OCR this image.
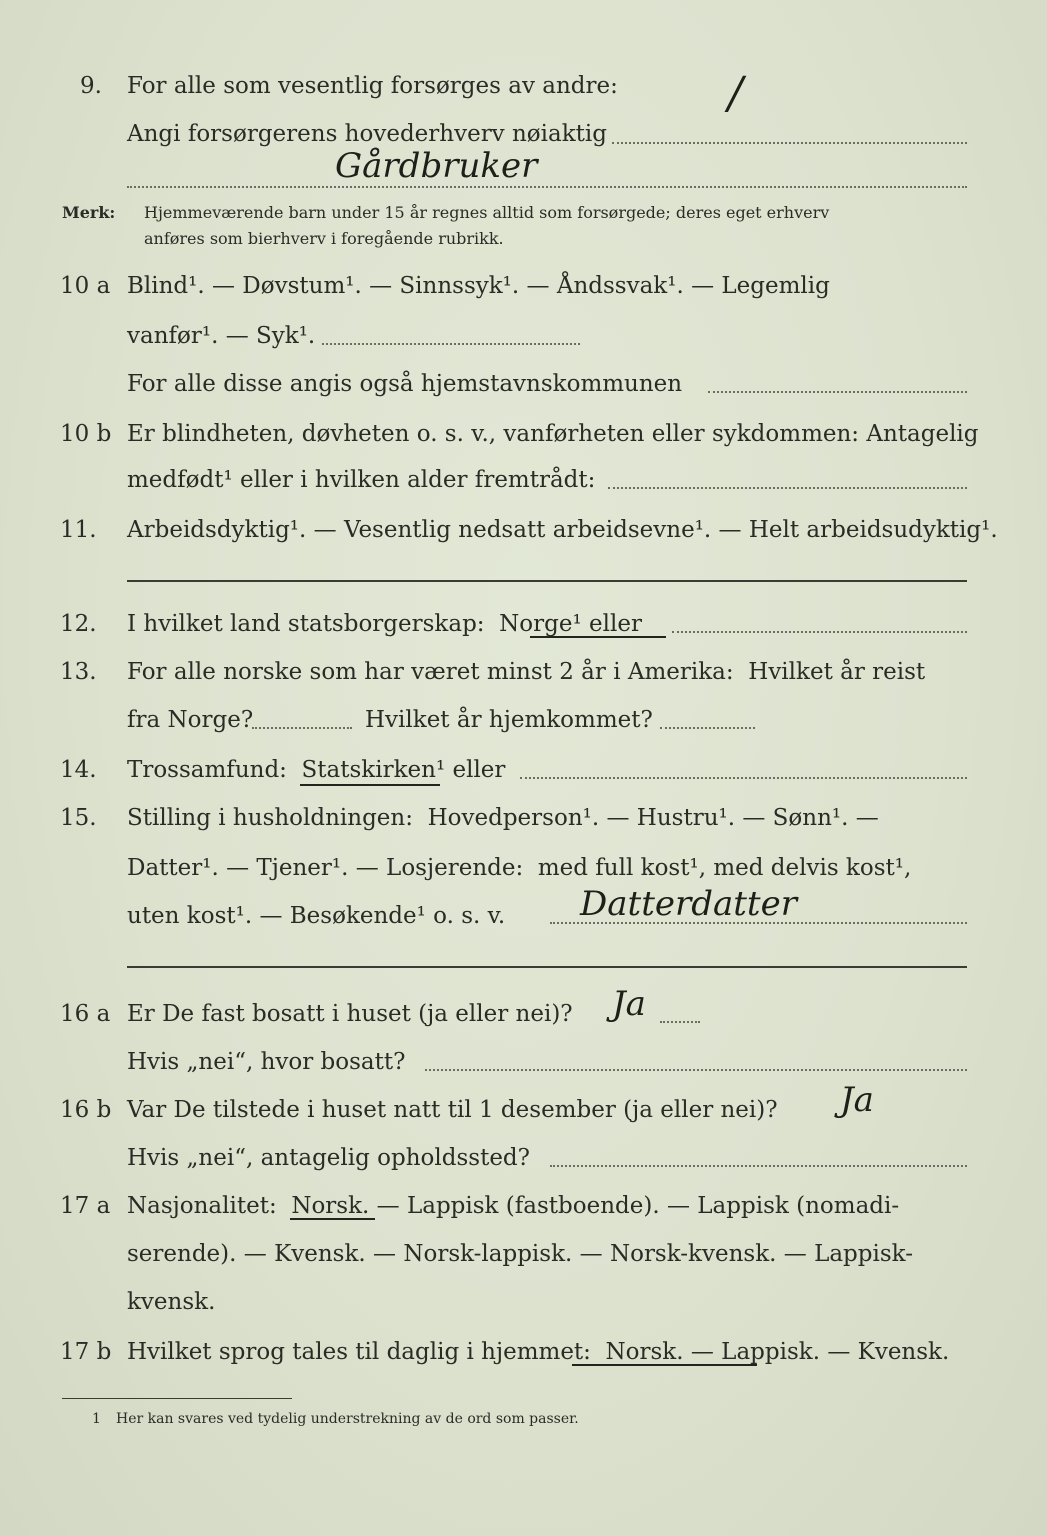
9. For alle som vesentlig forsørges av andre:
Angi forsørgerens hovederhverv nøiaktig
/
Gårdbruker
Merk: Hjemmeværende barn under 15 år regnes alltid som forsørgede; deres eget erhverv
anføres som bierhverv i foregående rubrikk.
10 a Blind¹. — Døvstum¹. — Sinnssyk¹. — Åndssvak¹. — Legemlig
vanfør¹. — Syk¹.
For alle disse angis også hjemstavnskommunen
10 b Er blindheten, døvheten o. s. v., vanførheten eller sykdommen: Antagelig
medfødt¹ eller i hvilken alder fremtrådt:
11. Arbeidsdyktig¹. — Vesentlig nedsatt arbeidsevne¹. — Helt arbeidsudyktig¹.
12. I hvilket land statsborgerskap:  Norge¹ eller
13. For alle norske som har været minst 2 år i Amerika:  Hvilket år reist
fra Norge?	Hvilket år hjemkommet?
14. Trossamfund:  Statskirken¹ eller
15. Stilling i husholdningen:  Hovedperson¹. — Hustru¹. — Sønn¹. —
Datter¹. — Tjener¹. — Losjerende:  med full kost¹, med delvis kost¹,
uten kost¹. — Besøkende¹ o. s. v. Datterdatter
16 a Er De fast bosatt i huset (ja eller nei)? Ja
Hvis „nei“, hvor bosatt?
16 b Var De tilstede i huset natt til 1 desember (ja eller nei)? Ja
Hvis „nei“, antagelig opholdssted?
17 a Nasjonalitet:  Norsk. — Lappisk (fastboende). — Lappisk (nomadi-
serende). — Kvensk. — Norsk-lappisk. — Norsk-kvensk. — Lappisk-
kvensk.
17 b Hvilket sprog tales til daglig i hjemmet:  Norsk. — Lappisk. — Kvensk.
1 Her kan svares ved tydelig understrekning av de ord som passer.
